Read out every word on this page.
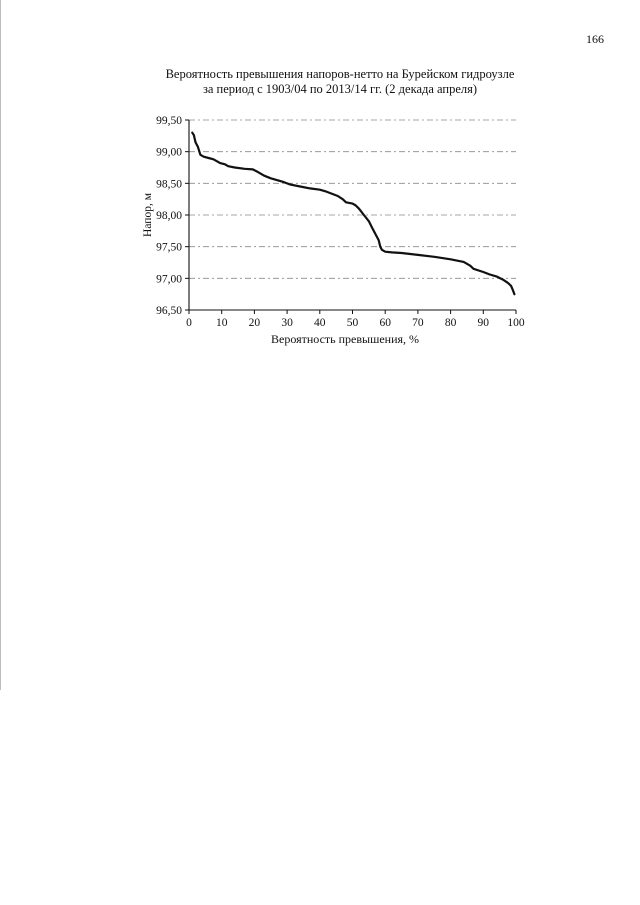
166
Вероятность превышения напоров-нетто на Бурейском гидроузле
за период с 1903/04 по 2013/14 гг. (2 декада апреля)
96,50
97,00
97,50
98,00
98,50
99,00
99,50
0 10 20 30 40 50 60 70 80 90 100
Вероятность превышения, %
Напор, м
